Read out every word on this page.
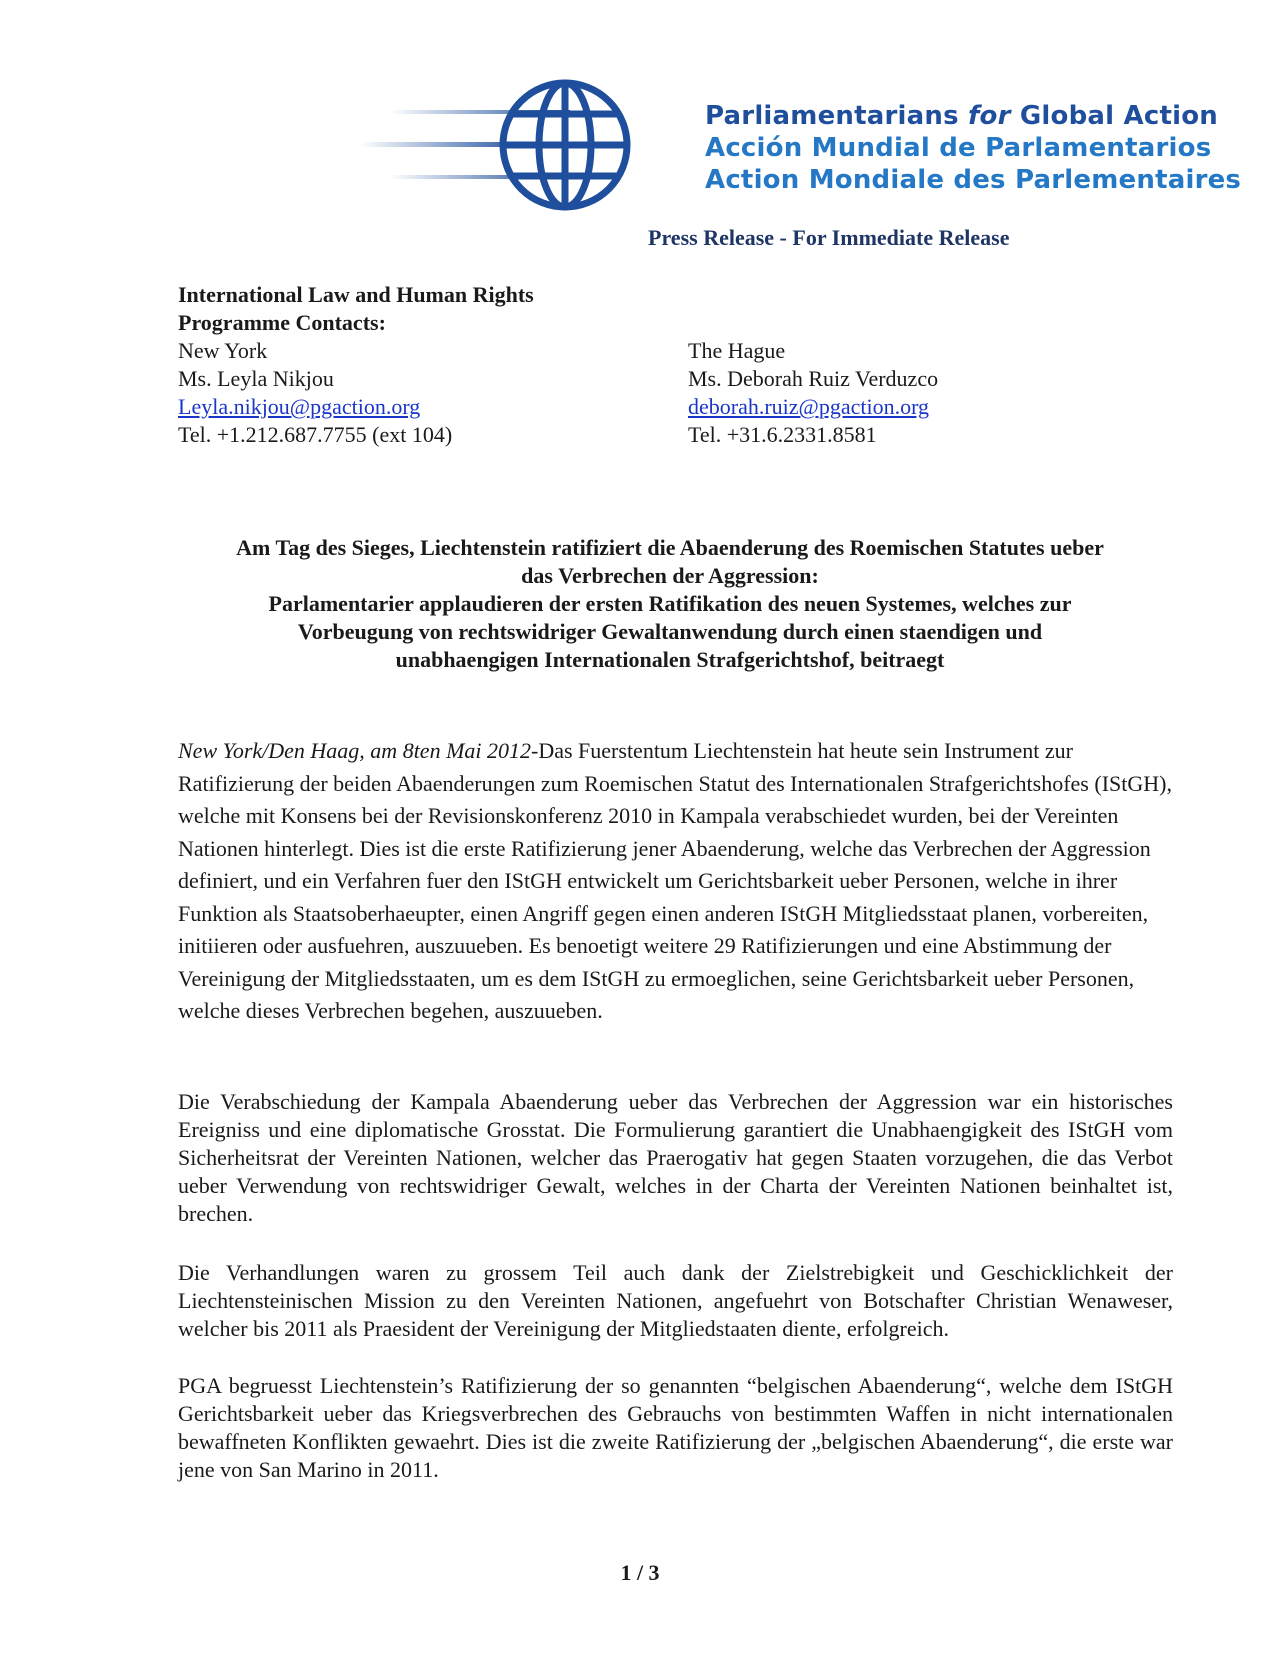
Parliamentarians for Global Action
Acción Mundial de Parlamentarios
Action Mondiale des Parlementaires
Press Release - For Immediate Release
International Law and Human Rights
Programme Contacts:
New York
Ms. Leyla Nikjou
Leyla.nikjou@pgaction.org
Tel. +1.212.687.7755 (ext 104)
The Hague
Ms. Deborah Ruiz Verduzco
deborah.ruiz@pgaction.org
Tel. +31.6.2331.8581
Am Tag des Sieges, Liechtenstein ratifiziert die Abaenderung des Roemischen Statutes ueber
das Verbrechen der Aggression:
Parlamentarier applaudieren der ersten Ratifikation des neuen Systemes, welches zur
Vorbeugung von rechtswidriger Gewaltanwendung durch einen staendigen und
unabhaengigen Internationalen Strafgerichtshof, beitraegt
New York/Den Haag, am 8ten Mai 2012-Das Fuerstentum Liechtenstein hat heute sein Instrument zur Ratifizierung der beiden Abaenderungen zum Roemischen Statut des Internationalen Strafgerichtshofes (IStGH), welche mit Konsens bei der Revisionskonferenz 2010 in Kampala verabschiedet wurden, bei der Vereinten Nationen hinterlegt. Dies ist die erste Ratifizierung jener Abaenderung, welche das Verbrechen der Aggression definiert, und ein Verfahren fuer den IStGH entwickelt um Gerichtsbarkeit ueber Personen, welche in ihrer Funktion als Staatsoberhaeupter, einen Angriff gegen einen anderen IStGH Mitgliedsstaat planen, vorbereiten, initiieren oder ausfuehren, auszuueben. Es benoetigt weitere 29 Ratifizierungen und eine Abstimmung der Vereinigung der Mitgliedsstaaten, um es dem IStGH zu ermoeglichen, seine Gerichtsbarkeit ueber Personen, welche dieses Verbrechen begehen, auszuueben.
Die Verabschiedung der Kampala Abaenderung ueber das Verbrechen der Aggression war ein historisches Ereigniss und eine diplomatische Grosstat. Die Formulierung garantiert die Unabhaengigkeit des IStGH vom Sicherheitsrat der Vereinten Nationen, welcher das Praerogativ hat gegen Staaten vorzugehen, die das Verbot ueber Verwendung von rechtswidriger Gewalt, welches in der Charta der Vereinten Nationen beinhaltet ist, brechen.
Die Verhandlungen waren zu grossem Teil auch dank der Zielstrebigkeit und Geschicklichkeit der Liechtensteinischen Mission zu den Vereinten Nationen, angefuehrt von Botschafter Christian Wenaweser, welcher bis 2011 als Praesident der Vereinigung der Mitgliedstaaten diente, erfolgreich.
PGA begruesst Liechtenstein’s Ratifizierung der so genannten “belgischen Abaenderung“, welche dem IStGH Gerichtsbarkeit ueber das Kriegsverbrechen des Gebrauchs von bestimmten Waffen in nicht internationalen bewaffneten Konflikten gewaehrt. Dies ist die zweite Ratifizierung der „belgischen Abaenderung“, die erste war jene von San Marino in 2011.
1 / 3
